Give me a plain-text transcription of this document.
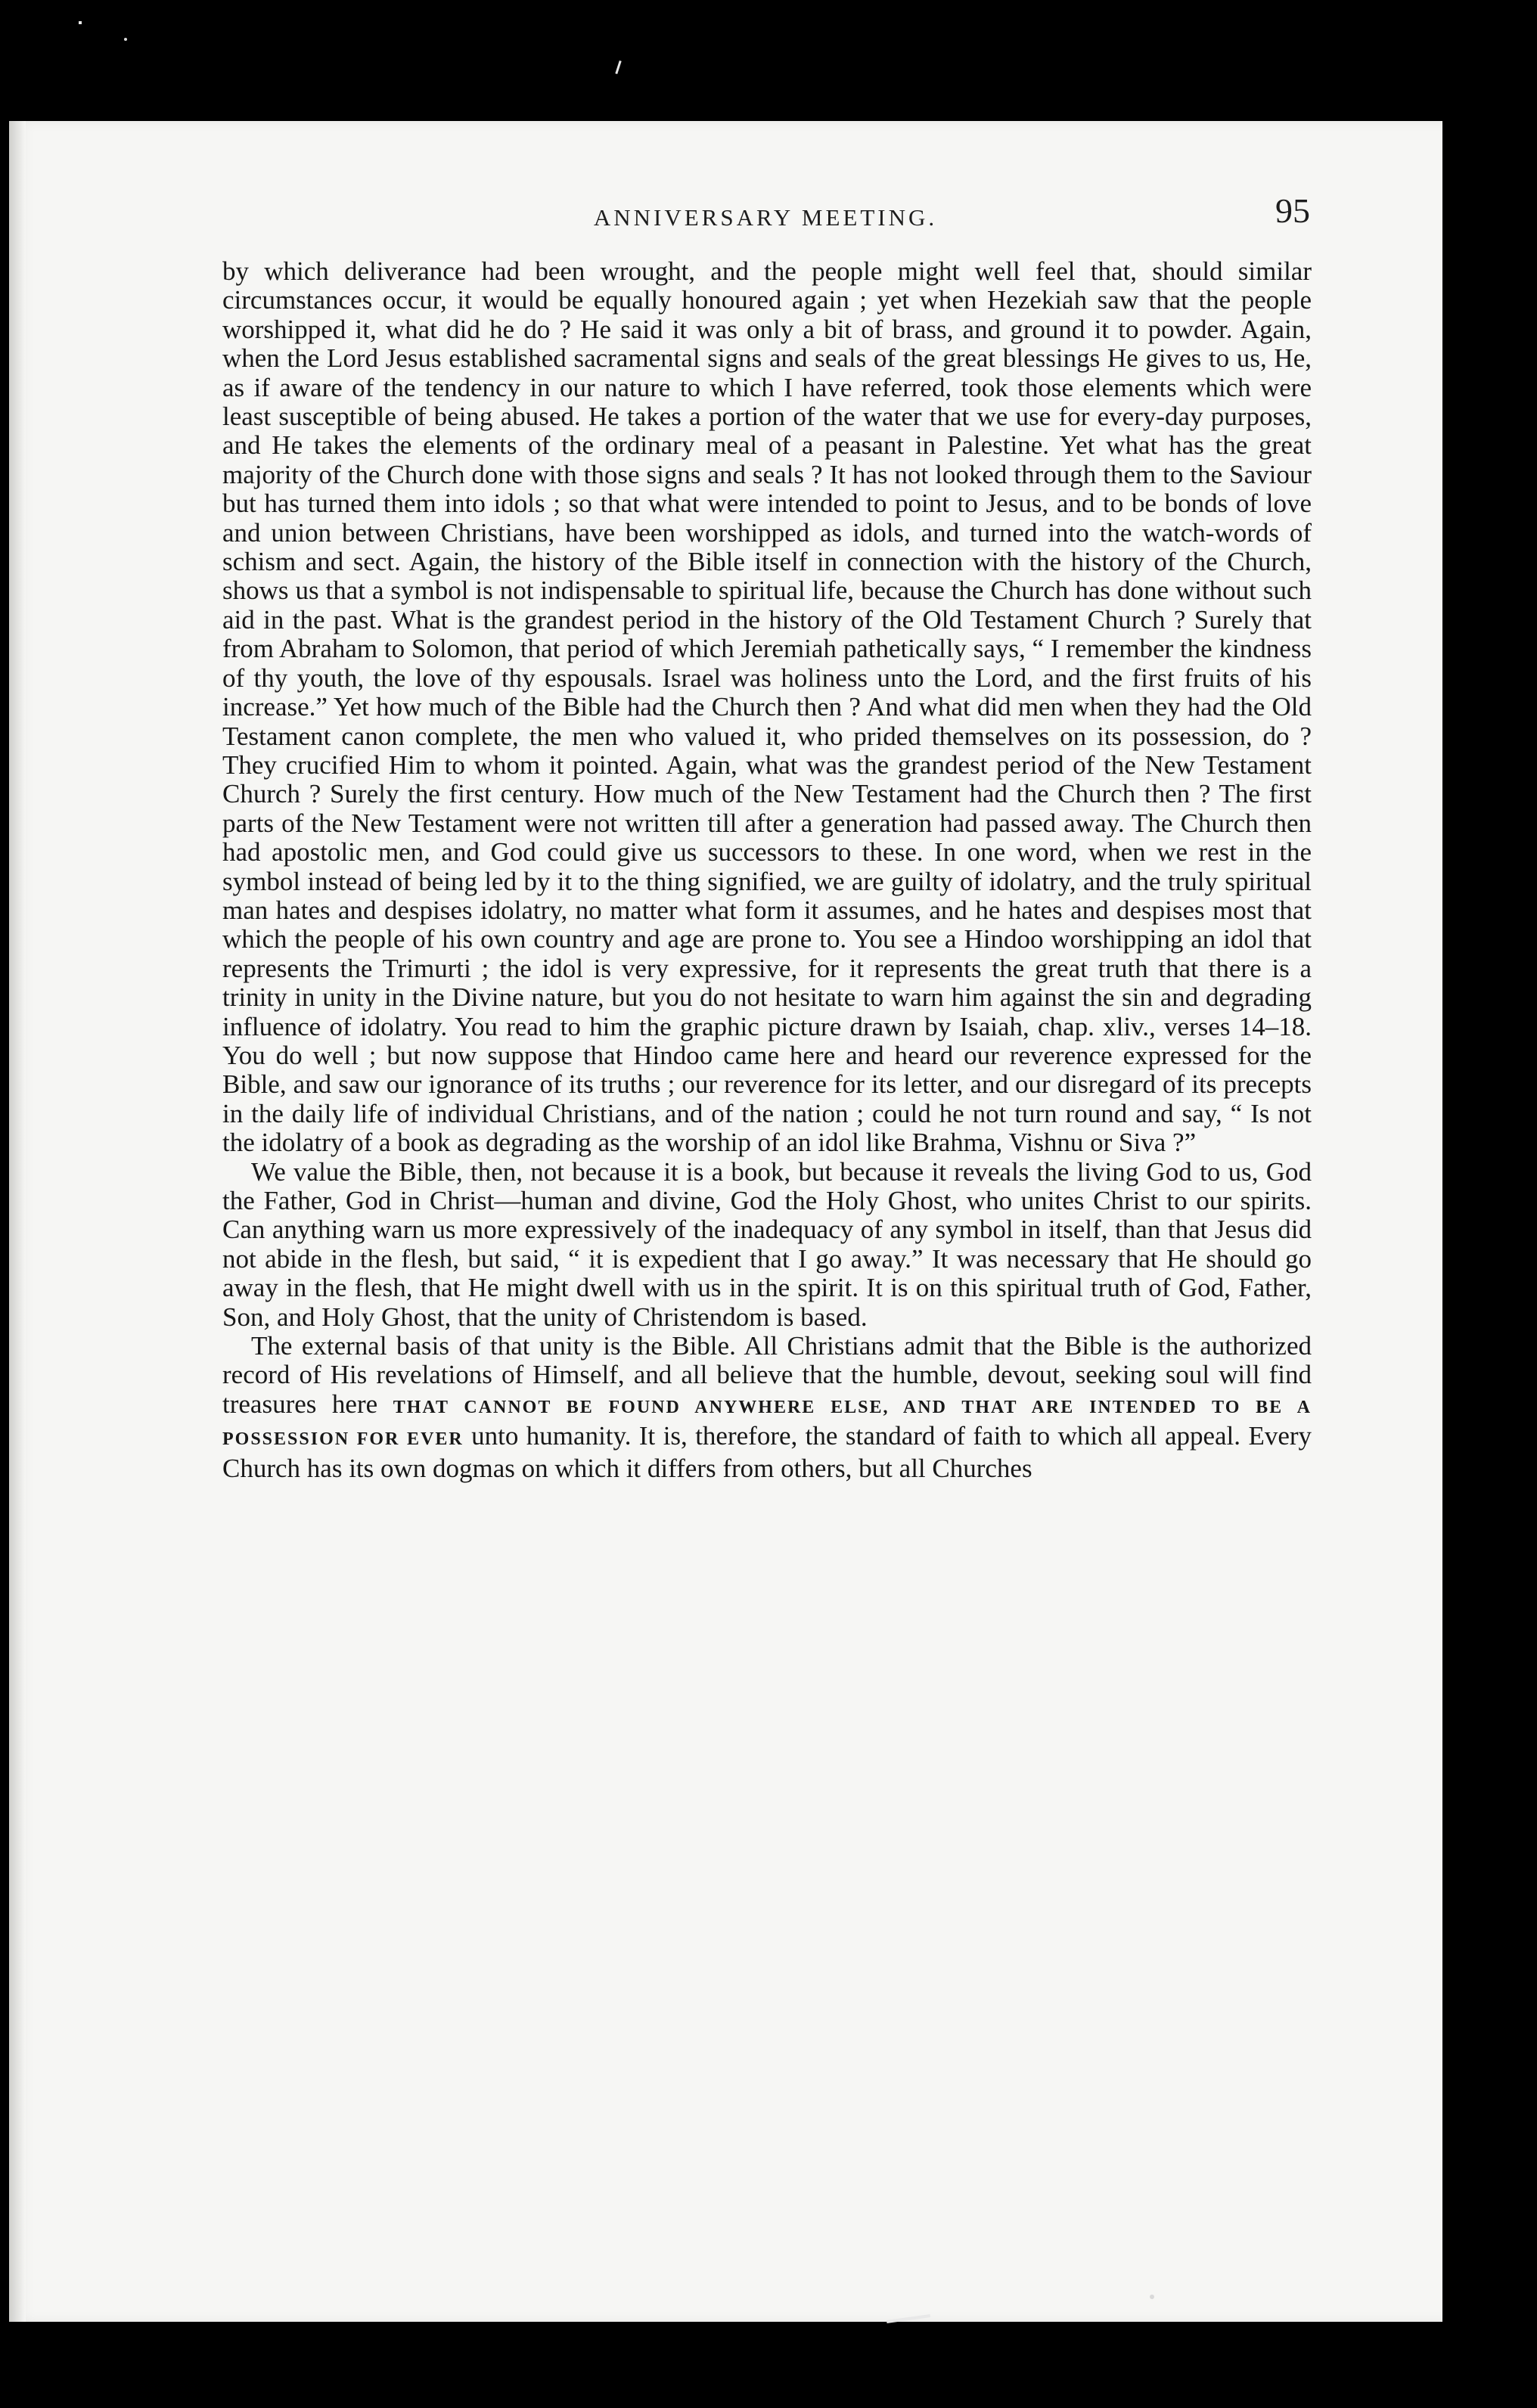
ANNIVERSARY MEETING.	95

by which deliverance had been wrought, and the people might well feel that, should similar circumstances occur, it would be equally honoured again ; yet when Hezekiah saw that the people worshipped it, what did he do ? He said it was only a bit of brass, and ground it to powder. Again, when the Lord Jesus established sacramental signs and seals of the great blessings He gives to us, He, as if aware of the tendency in our nature to which I have referred, took those elements which were least susceptible of being abused. He takes a portion of the water that we use for every-day purposes, and He takes the elements of the ordinary meal of a peasant in Palestine. Yet what has the great majority of the Church done with those signs and seals ? It has not looked through them to the Saviour but has turned them into idols ; so that what were intended to point to Jesus, and to be bonds of love and union between Christians, have been worshipped as idols, and turned into the watch-words of schism and sect. Again, the history of the Bible itself in connection with the history of the Church, shows us that a symbol is not indispensable to spiritual life, because the Church has done without such aid in the past. What is the grandest period in the history of the Old Testament Church ? Surely that from Abraham to Solomon, that period of which Jeremiah pathetically says, “ I remember the kindness of thy youth, the love of thy espousals. Israel was holiness unto the Lord, and the first fruits of his increase.” Yet how much of the Bible had the Church then ? And what did men when they had the Old Testament canon complete, the men who valued it, who prided themselves on its possession, do ? They crucified Him to whom it pointed. Again, what was the grandest period of the New Testament Church ? Surely the first century. How much of the New Testament had the Church then ? The first parts of the New Testament were not written till after a generation had passed away. The Church then had apostolic men, and God could give us successors to these. In one word, when we rest in the symbol instead of being led by it to the thing signified, we are guilty of idolatry, and the truly spiritual man hates and despises idolatry, no matter what form it assumes, and he hates and despises most that which the people of his own country and age are prone to. You see a Hindoo worshipping an idol that represents the Trimurti ; the idol is very expressive, for it represents the great truth that there is a trinity in unity in the Divine nature, but you do not hesitate to warn him against the sin and degrading influence of idolatry. You read to him the graphic picture drawn by Isaiah, chap. xliv., verses 14–18. You do well ; but now suppose that Hindoo came here and heard our reverence expressed for the Bible, and saw our ignorance of its truths ; our reverence for its letter, and our disregard of its precepts in the daily life of individual Christians, and of the nation ; could he not turn round and say, “ Is not the idolatry of a book as degrading as the worship of an idol like Brahma, Vishnu or Siva ?”

We value the Bible, then, not because it is a book, but because it reveals the living God to us, God the Father, God in Christ—human and divine, God the Holy Ghost, who unites Christ to our spirits. Can anything warn us more expressively of the inadequacy of any symbol in itself, than that Jesus did not abide in the flesh, but said, “ it is expedient that I go away.” It was necessary that He should go away in the flesh, that He might dwell with us in the spirit. It is on this spiritual truth of God, Father, Son, and Holy Ghost, that the unity of Christendom is based.

The external basis of that unity is the Bible. All Christians admit that the Bible is the authorized record of His revelations of Himself, and all believe that the humble, devout, seeking soul will find treasures here THAT CANNOT BE FOUND ANYWHERE ELSE, AND THAT ARE INTENDED TO BE A POSSESSION FOR EVER unto humanity. It is, therefore, the standard of faith to which all appeal. Every Church has its own dogmas on which it differs from others, but all Churches
